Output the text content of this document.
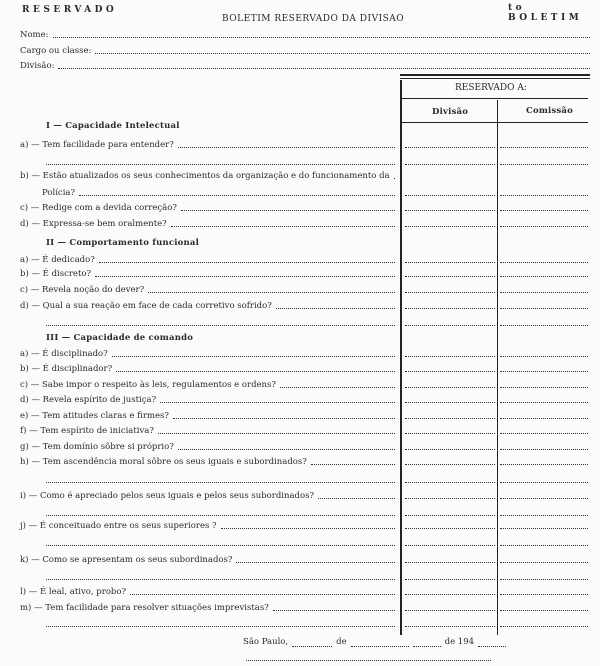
RESERVADO	to BOLETIM
BOLETIM RESERVADO DA DIVISAO
Nome:
Cargo ou classe:
Divisão:
RESERVADO A:
Divisão	Comissão
I — Capacidade Intelectual
a) — Tem facilidade para entender?
b) — Estão atualizados os seus conhecimentos da organização e do funcionamento da
Polícia?
c) — Redige com a devida correção?
d) — Expressa-se bem oralmente?
II — Comportamento funcional
a) — É dedicado?
b) — É discreto?
c) — Revela noção do dever?
d) — Qual a sua reação em face de cada corretivo sofrido?
III — Capacidade de comando
a) — É disciplinado?
b) — É disciplinador?
c) — Sabe impor o respeito às leis, regulamentos e ordens?
d) — Revela espírito de justiça?
e) — Tem atitudes claras e firmes?
f) — Tem espírito de iniciativa?
g) — Tem domínio sôbre si próprio?
h) — Tem ascendência moral sôbre os seus iguais e subordinados?
i) — Como é apreciado pelos seus iguais e pelos seus subordinados?
j) — É conceituado entre os seus superiores ?
k) — Como se apresentam os seus subordinados?
l) — É leal, ativo, probo?
m) — Tem facilidade para resolver situações imprevistas?
São Paulo,	de	de 194
